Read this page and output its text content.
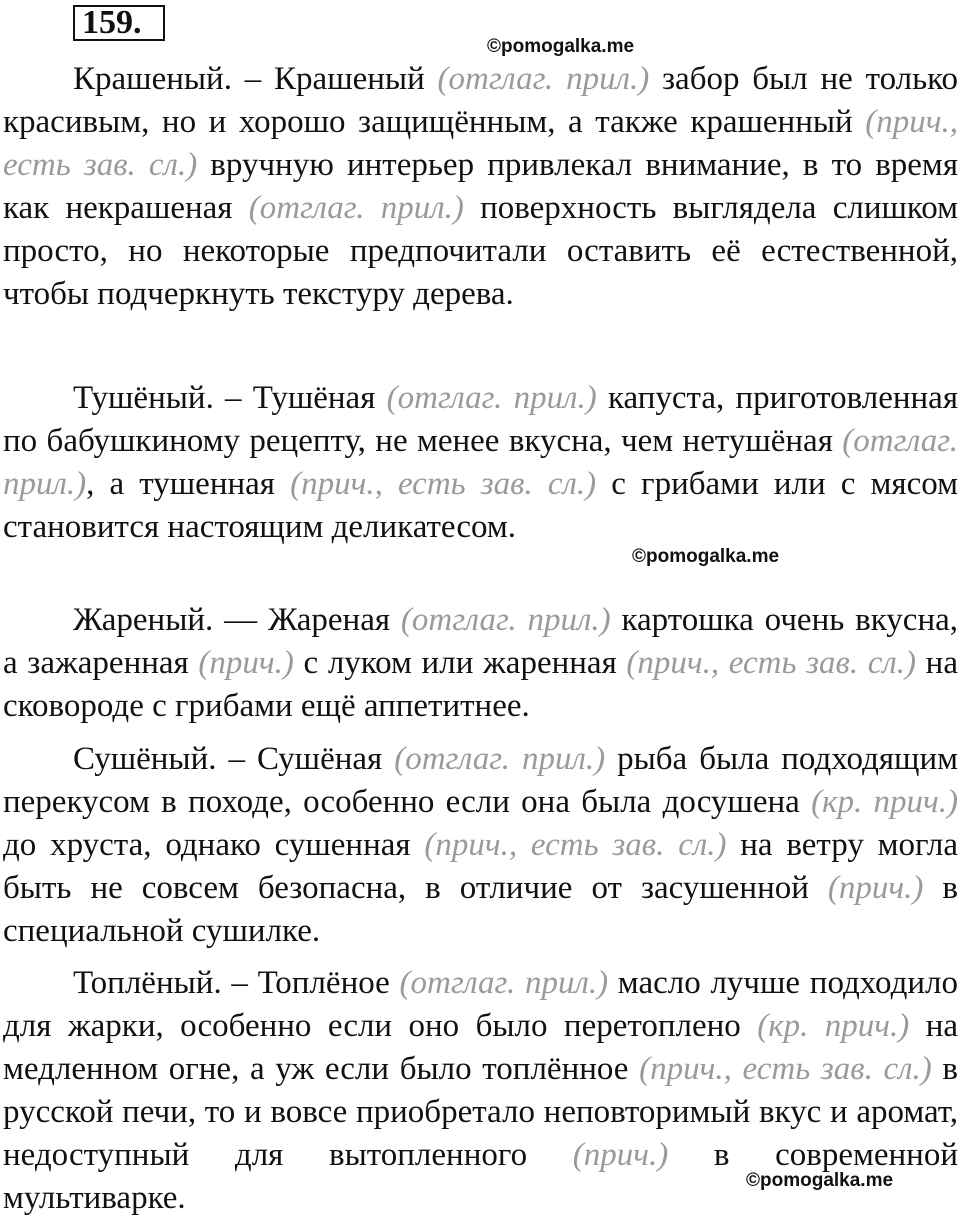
159.
©pomogalka.me
©pomogalka.me
©pomogalka.me

Крашеный. – Крашеный (отглаг. прил.) забор был не только красивым, но и хорошо защищённым, а также крашенный (прич., есть зав. сл.) вручную интерьер привлекал внимание, в то время как некрашеная (отглаг. прил.) поверхность выглядела слишком просто, но некоторые предпочитали оставить её естественной, чтобы подчеркнуть текстуру дерева.

Тушёный. – Тушёная (отглаг. прил.) капуста, приготовленная по бабушкиному рецепту, не менее вкусна, чем нетушёная (отглаг. прил.), а тушенная (прич., есть зав. сл.) с грибами или с мясом становится настоящим деликатесом.

Жареный. — Жареная (отглаг. прил.) картошка очень вкусна, а зажаренная (прич.) с луком или жаренная (прич., есть зав. сл.) на сковороде с грибами ещё аппетитнее.

Сушёный. – Сушёная (отглаг. прил.) рыба была подходящим перекусом в походе, особенно если она была досушена (кр. прич.) до хруста, однако сушенная (прич., есть зав. сл.) на ветру могла быть не совсем безопасна, в отличие от засушенной (прич.) в специальной сушилке.

Топлёный. – Топлёное (отглаг. прил.) масло лучше подходило для жарки, особенно если оно было перетоплено (кр. прич.) на медленном огне, а уж если было топлённое (прич., есть зав. сл.) в русской печи, то и вовсе приобретало неповторимый вкус и аромат, недоступный для вытопленного (прич.) в современной мультиварке.
